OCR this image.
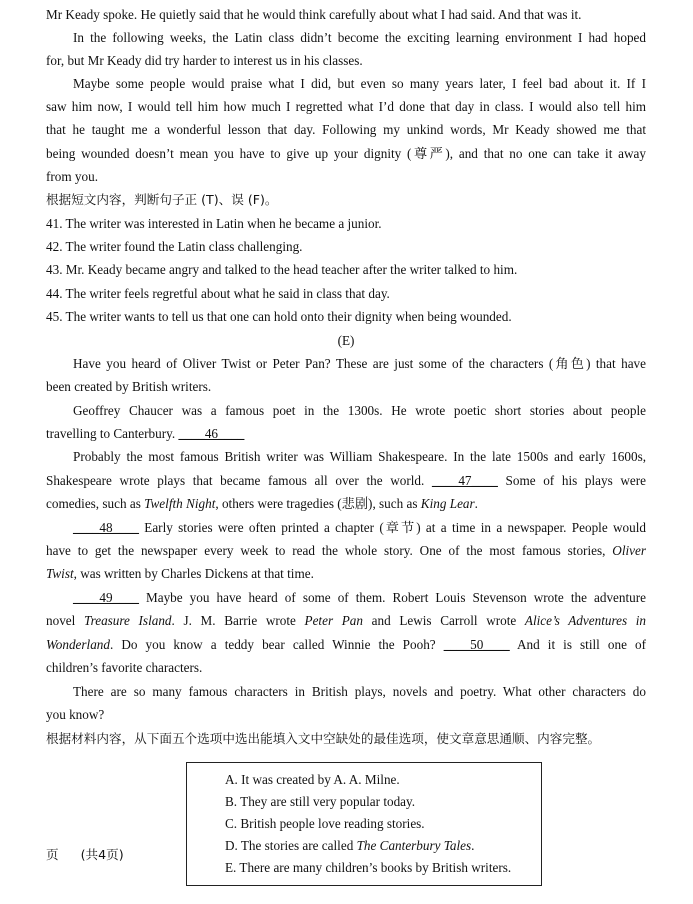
Mr Keady spoke. He quietly said that he would think carefully about what I had said. And that was it.
In the following weeks, the Latin class didn’t become the exciting learning environment I had hoped
for, but Mr Keady did try harder to interest us in his classes.
Maybe some people would praise what I did, but even so many years later, I feel bad about it. If I
saw him now, I would tell him how much I regretted what I’d done that day in class. I would also tell him
that he taught me a wonderful lesson that day. Following my unkind words, Mr Keady showed me that
being wounded doesn’t mean you have to give up your dignity (尊严), and that no one can take it away
from you.
根据短文内容，判断句子正 (T)、误 (F)。
41. The writer was interested in Latin when he became a junior.
42. The writer found the Latin class challenging.
43. Mr. Keady became angry and talked to the head teacher after the writer talked to him.
44. The writer feels regretful about what he said in class that day.
45. The writer wants to tell us that one can hold onto their dignity when being wounded.
(E)
Have you heard of Oliver Twist or Peter Pan? These are just some of the characters (角色) that have
been created by British writers.
Geoffrey Chaucer was a famous poet in the 1300s. He wrote poetic short stories about people
travelling to Canterbury. ____46____
Probably the most famous British writer was William Shakespeare. In the late 1500s and early 1600s,
Shakespeare wrote plays that became famous all over the world. ____47____ Some of his plays were
comedies, such as Twelfth Night, others were tragedies (悲剧), such as King Lear.
____48____ Early stories were often printed a chapter (章节) at a time in a newspaper. People would
have to get the newspaper every week to read the whole story. One of the most famous stories, Oliver
Twist, was written by Charles Dickens at that time.
____49____ Maybe you have heard of some of them. Robert Louis Stevenson wrote the adventure
novel Treasure Island. J. M. Barrie wrote Peter Pan and Lewis Carroll wrote Alice’s Adventures in
Wonderland. Do you know a teddy bear called Winnie the Pooh? ____50____ And it is still one of
children’s favorite characters.
There are so many famous characters in British plays, novels and poetry. What other characters do
you know?
根据材料内容，从下面五个选项中选出能填入文中空缺处的最佳选项，使文章意思通顺、内容完整。
A. It was created by A. A. Milne.
B. They are still very popular today.
C. British people love reading stories.
D. The stories are called The Canterbury Tales.
E. There are many children’s books by British writers.
页 (共4页)
